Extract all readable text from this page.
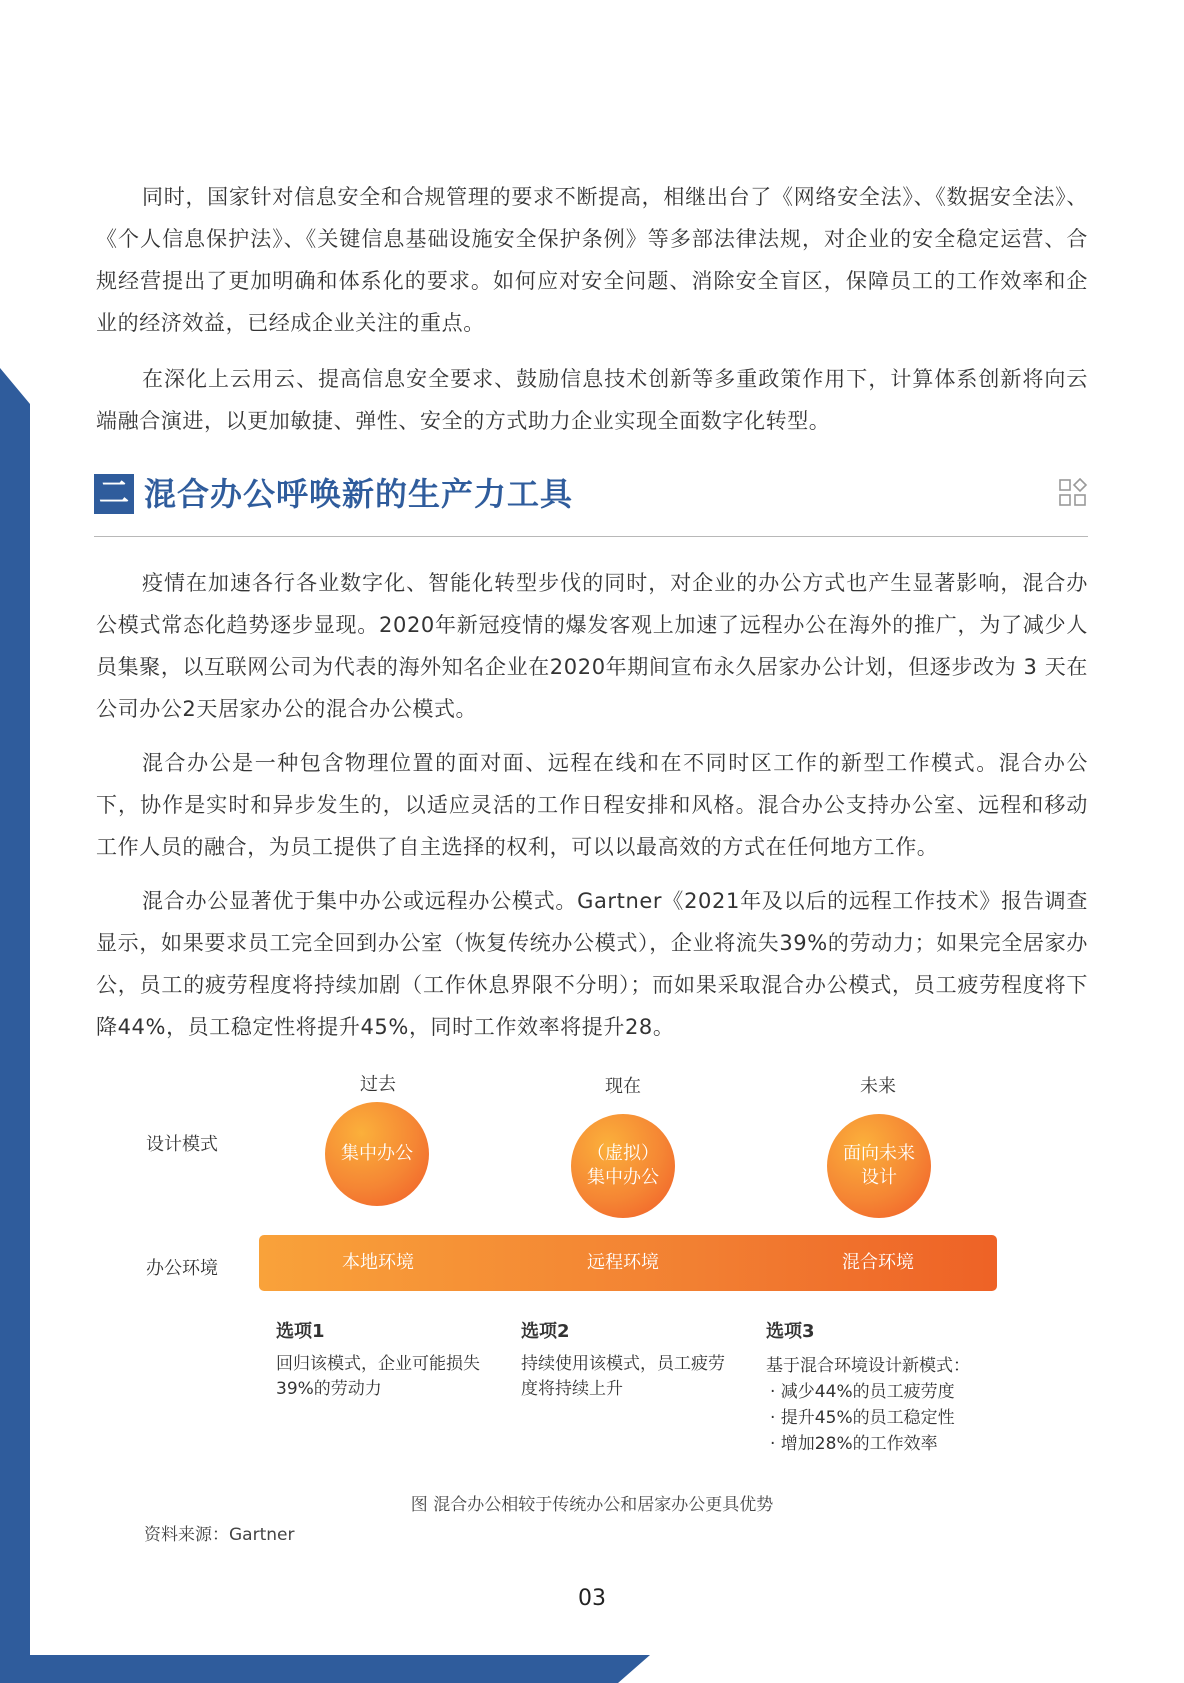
同时，国家针对信息安全和合规管理的要求不断提高，相继出台了《网络安全法》、《数据安全法》、《个人信息保护法》、《关键信息基础设施安全保护条例》等多部法律法规，对企业的安全稳定运营、合规经营提出了更加明确和体系化的要求。如何应对安全问题、消除安全盲区，保障员工的工作效率和企业的经济效益，已经成企业关注的重点。

在深化上云用云、提高信息安全要求、鼓励信息技术创新等多重政策作用下，计算体系创新将向云端融合演进，以更加敏捷、弹性、安全的方式助力企业实现全面数字化转型。

二 混合办公呼唤新的生产力工具

疫情在加速各行各业数字化、智能化转型步伐的同时，对企业的办公方式也产生显著影响，混合办公模式常态化趋势逐步显现。2020年新冠疫情的爆发客观上加速了远程办公在海外的推广，为了减少人员集聚，以互联网公司为代表的海外知名企业在2020年期间宣布永久居家办公计划，但逐步改为 3 天在公司办公2天居家办公的混合办公模式。

混合办公是一种包含物理位置的面对面、远程在线和在不同时区工作的新型工作模式。混合办公下，协作是实时和异步发生的，以适应灵活的工作日程安排和风格。混合办公支持办公室、远程和移动工作人员的融合，为员工提供了自主选择的权利，可以以最高效的方式在任何地方工作。

混合办公显著优于集中办公或远程办公模式。Gartner《2021年及以后的远程工作技术》报告调查显示，如果要求员工完全回到办公室（恢复传统办公模式），企业将流失39%的劳动力；如果完全居家办公，员工的疲劳程度将持续加剧（工作休息界限不分明）；而如果采取混合办公模式，员工疲劳程度将下降44%，员工稳定性将提升45%，同时工作效率将提升28。

过去	现在	未来
设计模式
办公环境
集中办公	（虚拟）
集中办公
面向未来
设计
本地环境	远程环境	混合环境
选项1
回归该模式，企业可能损失39%的劳动力
选项2
持续使用该模式，员工疲劳度将持续上升
选项3
基于混合环境设计新模式：
· 减少44%的员工疲劳度
· 提升45%的员工稳定性
· 增加28%的工作效率
图 混合办公相较于传统办公和居家办公更具优势
资料来源：Gartner
03
